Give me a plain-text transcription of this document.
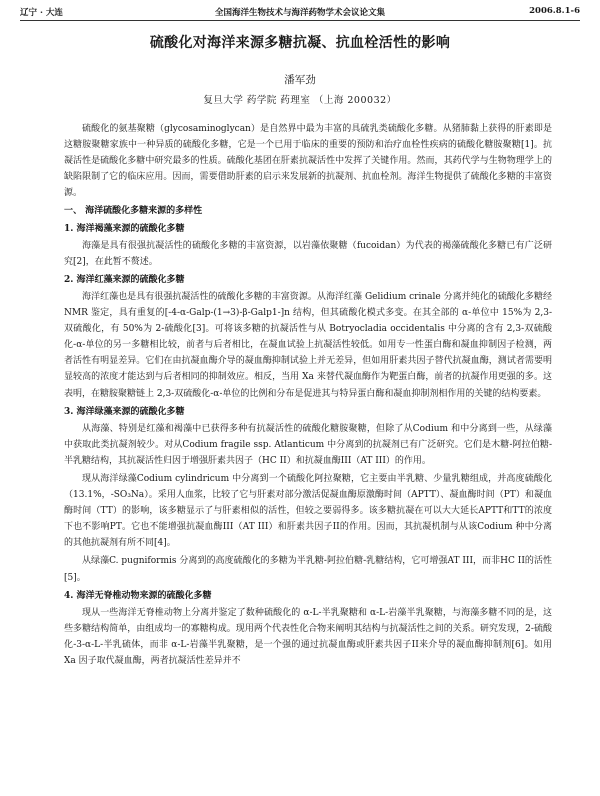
辽宁 · 大连	全国海洋生物技术与海洋药物学术会议论文集	2006.8.1-6
硫酸化对海洋来源多糖抗凝、抗血栓活性的影响
潘军劲
复旦大学 药学院 药理室 （上海 200032）

硫酸化的氨基聚糖（glycosaminoglycan）是自然界中最为丰富的具硫乳类硫酸化多糖。从猪肺黏上获得的肝素即是这糖胺聚糖家族中一种异质的硫酸化多糖，它是一个已用于临床的重要的预防和治疗血栓性疾病的硫酸化糖胺聚糖[1]。抗凝活性是硫酸化多糖中研究最多的性质。硫酸化基团在肝素抗凝活性中发挥了关键作用。然而，其药代学与生物物理学上的缺陷限制了它的临床应用。因而，需要借助肝素的启示来发展新的抗凝剂、抗血栓剂。海洋生物提供了硫酸化多糖的丰富资源。

一、 海洋硫酸化多糖来源的多样性
1. 海洋褐藻来源的硫酸化多糖

海藻是具有很强抗凝活性的硫酸化多糖的丰富资源，以岩藻依聚糖（fucoidan）为代表的褐藻硫酸化多糖已有广泛研究[2]，在此暂不赘述。

2. 海洋红藻来源的硫酸化多糖

海洋红藻也是具有很强抗凝活性的硫酸化多糖的丰富资源。从海洋红藻 Gelidium crinale 分离并纯化的硫酸化多糖经 NMR 鉴定，具有重复的[-4-α-Galp-(1→3)-β-Galp1-]n 结构，但其硫酸化模式多变。在其全部的 α-单位中 15%为 2,3-双硫酸化，有 50%为 2-硫酸化[3]。可将该多糖的抗凝活性与从 Botryocladia occidentalis 中分离的含有 2,3-双硫酸化-α-单位的另一多糖相比较，前者与后者相比，在凝血试验上抗凝活性较低。如用专一性蛋白酶和凝血抑制因子检测，两者活性有明显差异。它们在由抗凝血酶介导的凝血酶抑制试验上并无差异，但如用肝素共因子替代抗凝血酶，测试者需要明显较高的浓度才能达到与后者相同的抑制效应。相反，当用 Xa 来替代凝血酶作为靶蛋白酶，前者的抗凝作用更强的多。这表明，在糖胺聚糖链上 2,3-双硫酸化-α-单位的比例和分布是促进其与特异蛋白酶和凝血抑制剂相作用的关键的结构要素。

3. 海洋绿藻来源的硫酸化多糖

从海藻、特别是红藻和褐藻中已获得多种有抗凝活性的硫酸化糖胺聚糖，但除了从Codium 和中分离到一些，从绿藻中获取此类抗凝剂较少。对从Codium fragile ssp. Atlanticum 中分离到的抗凝剂已有广泛研究。它们是木糖-阿拉伯糖-半乳糖结构，其抗凝活性归因于增强肝素共因子（HC II）和抗凝血酶III（AT III）的作用。

现从海洋绿藻Codium cylindricum 中分离到一个硫酸化阿拉聚糖，它主要由半乳糖、少量乳糖组成，并高度硫酸化（13.1%，-SO₃Na）。采用人血浆，比较了它与肝素对部分激活促凝血酶原激酶时间（APTT）、凝血酶时间（PT）和凝血酶时间（TT）的影响，该多糖显示了与肝素相似的活性，但较之要弱得多。该多糖抗凝在可以大大延长APTT和TT的浓度下也不影响PT。它也不能增强抗凝血酶III（AT III）和肝素共因子II的作用。因而，其抗凝机制与从该Codium 种中分离的其他抗凝剂有所不同[4]。

从绿藻C. pugniformis 分离到的高度硫酸化的多糖为半乳糖-阿拉伯糖-乳糖结构，它可增强AT III，而非HC II的活性[5]。

4. 海洋无脊椎动物来源的硫酸化多糖

现从一些海洋无脊椎动物上分离并鉴定了数种硫酸化的 α-L-半乳聚糖和 α-L-岩藻半乳聚糖，与海藻多糖不同的是，这些多糖结构简单，由组成均一的寡糖构成。现用两个代表性化合物来阐明其结构与抗凝活性之间的关系。研究发现，2-硫酸化-3-α-L-半乳硫体，而非 α-L-岩藻半乳聚糖，是一个强的通过抗凝血酶或肝素共因子II来介导的凝血酶抑制剂[6]。如用 Xa 因子取代凝血酶，两者抗凝活性差异并不
